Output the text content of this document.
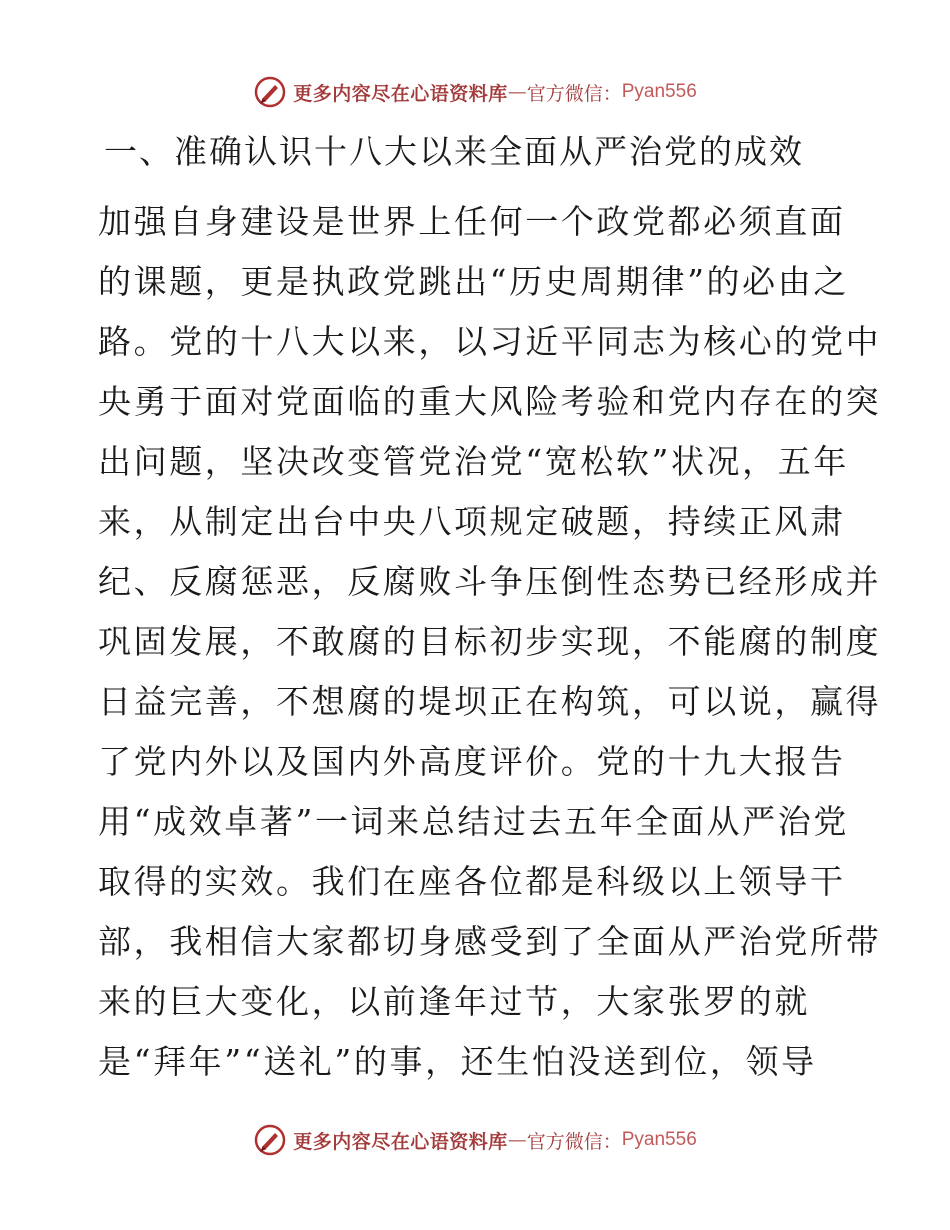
更多内容尽在心语资料库 — 官方微信： Pyan556
一、准确认识十八大以来全面从严治党的成效
加强自身建设是世界上任何一个政党都必须直面
的课题，更是执政党跳出“历史周期律”的必由之
路。党的十八大以来，以习近平同志为核心的党中
央勇于面对党面临的重大风险考验和党内存在的突
出问题，坚决改变管党治党“宽松软”状况，五年
来，从制定出台中央八项规定破题，持续正风肃
纪、反腐惩恶，反腐败斗争压倒性态势已经形成并
巩固发展，不敢腐的目标初步实现，不能腐的制度
日益完善，不想腐的堤坝正在构筑，可以说，赢得
了党内外以及国内外高度评价。党的十九大报告
用“成效卓著”一词来总结过去五年全面从严治党
取得的实效。我们在座各位都是科级以上领导干
部，我相信大家都切身感受到了全面从严治党所带
来的巨大变化，以前逢年过节，大家张罗的就
是“拜年”“送礼”的事，还生怕没送到位，领导
更多内容尽在心语资料库 — 官方微信： Pyan556
